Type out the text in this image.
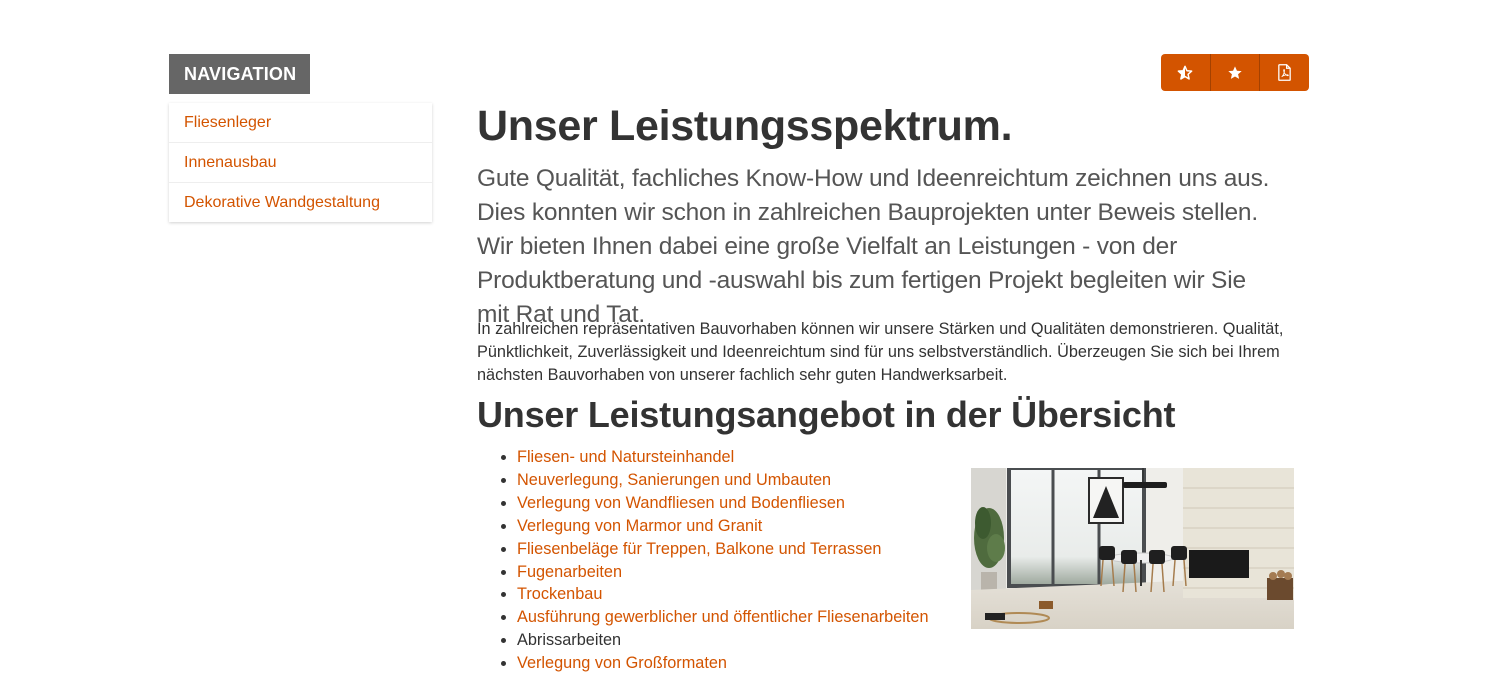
NAVIGATION
Fliesenleger
Innenausbau
Dekorative Wandgestaltung
Unser Leistungsspektrum.

Gute Qualität, fachliches Know-How und Ideenreichtum zeichnen uns aus. Dies konnten wir schon in zahlreichen Bauprojekten unter Beweis stellen. Wir bieten Ihnen dabei eine große Vielfalt an Leistungen - von der Produktberatung und -auswahl bis zum fertigen Projekt begleiten wir Sie mit Rat und Tat.

In zahlreichen repräsentativen Bauvorhaben können wir unsere Stärken und Qualitäten demonstrieren. Qualität, Pünktlichkeit, Zuverlässigkeit und Ideenreichtum sind für uns selbstverständlich. Überzeugen Sie sich bei Ihrem nächsten Bauvorhaben von unserer fachlich sehr guten Handwerksarbeit.

Unser Leistungsangebot in der Übersicht
• Fliesen- und Natursteinhandel
• Neuverlegung, Sanierungen und Umbauten
• Verlegung von Wandfliesen und Bodenfliesen
• Verlegung von Marmor und Granit
• Fliesenbeläge für Treppen, Balkone und Terrassen
• Fugenarbeiten
• Trockenbau
• Ausführung gewerblicher und öffentlicher Fliesenarbeiten
• Abrissarbeiten
• Verlegung von Großformaten
